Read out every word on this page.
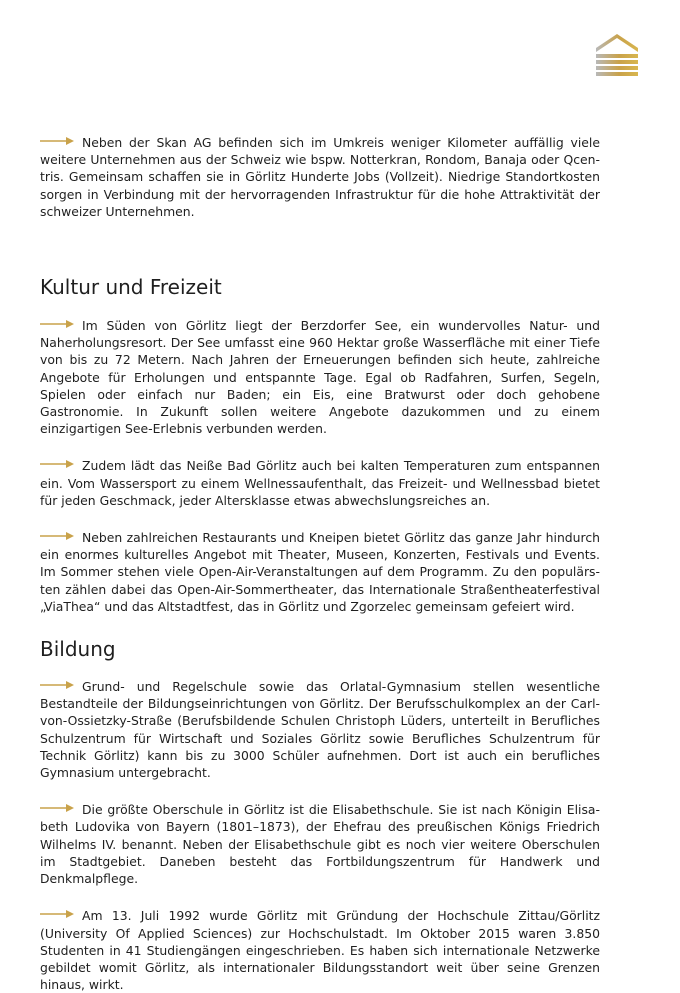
Neben der Skan AG befinden sich im Umkreis weniger Kilometer auffällig viele weitere Unternehmen aus der Schweiz wie bspw. Notterkran, Rondom, Banaja oder Qcentris. Gemeinsam schaffen sie in Görlitz Hunderte Jobs (Vollzeit). Niedrige Standortkosten sorgen in Verbindung mit der hervorragenden Infrastruktur für die hohe Attraktivität der schweizer Unternehmen.

Kultur und Freizeit

Im Süden von Görlitz liegt der Berzdorfer See, ein wundervolles Natur- und Naherholungsresort. Der See umfasst eine 960 Hektar große Wasserfläche mit einer Tiefe von bis zu 72 Metern. Nach Jahren der Erneuerungen befinden sich heute, zahlreiche Angebote für Erholungen und entspannte Tage. Egal ob Radfahren, Surfen, Segeln, Spielen oder einfach nur Baden; ein Eis, eine Bratwurst oder doch gehobene Gastronomie. In Zukunft sollen weitere Angebote dazukommen und zu einem einzigartigen See-Erlebnis verbunden werden.

Zudem lädt das Neiße Bad Görlitz auch bei kalten Temperaturen zum entspannen ein. Vom Wassersport zu einem Wellnessaufenthalt, das Freizeit- und Wellnessbad bietet für jeden Geschmack, jeder Altersklasse etwas abwechslungsreiches an.

Neben zahlreichen Restaurants und Kneipen bietet Görlitz das ganze Jahr hindurch ein enormes kulturelles Angebot mit Theater, Museen, Konzerten, Festivals und Events. Im Sommer stehen viele Open-Air-Veranstaltungen auf dem Programm. Zu den populärsten zählen dabei das Open-Air-Sommertheater, das Internationale Straßentheaterfestival „ViaThea“ und das Altstadtfest, das in Görlitz und Zgorzelec gemeinsam gefeiert wird.

Bildung

Grund- und Regelschule sowie das Orlatal-Gymnasium stellen wesentliche Bestandteile der Bildungseinrichtungen von Görlitz. Der Berufsschulkomplex an der Carl-von-Ossietzky-Straße (Berufsbildende Schulen Christoph Lüders, unterteilt in Berufliches Schulzentrum für Wirtschaft und Soziales Görlitz sowie Berufliches Schulzentrum für Technik Görlitz) kann bis zu 3000 Schüler aufnehmen. Dort ist auch ein berufliches Gymnasium untergebracht.

Die größte Oberschule in Görlitz ist die Elisabethschule. Sie ist nach Königin Elisabeth Ludovika von Bayern (1801–1873), der Ehefrau des preußischen Königs Friedrich Wilhelms IV. benannt. Neben der Elisabethschule gibt es noch vier weitere Oberschulen im Stadtgebiet. Daneben besteht das Fortbildungszentrum für Handwerk und Denkmalpflege.

Am 13. Juli 1992 wurde Görlitz mit Gründung der Hochschule Zittau/Görlitz (University Of Applied Sciences) zur Hochschulstadt. Im Oktober 2015 waren 3.850 Studenten in 41 Studiengängen eingeschrieben. Es haben sich internationale Netzwerke gebildet womit Görlitz, als internationaler Bildungsstandort weit über seine Grenzen hinaus, wirkt.
